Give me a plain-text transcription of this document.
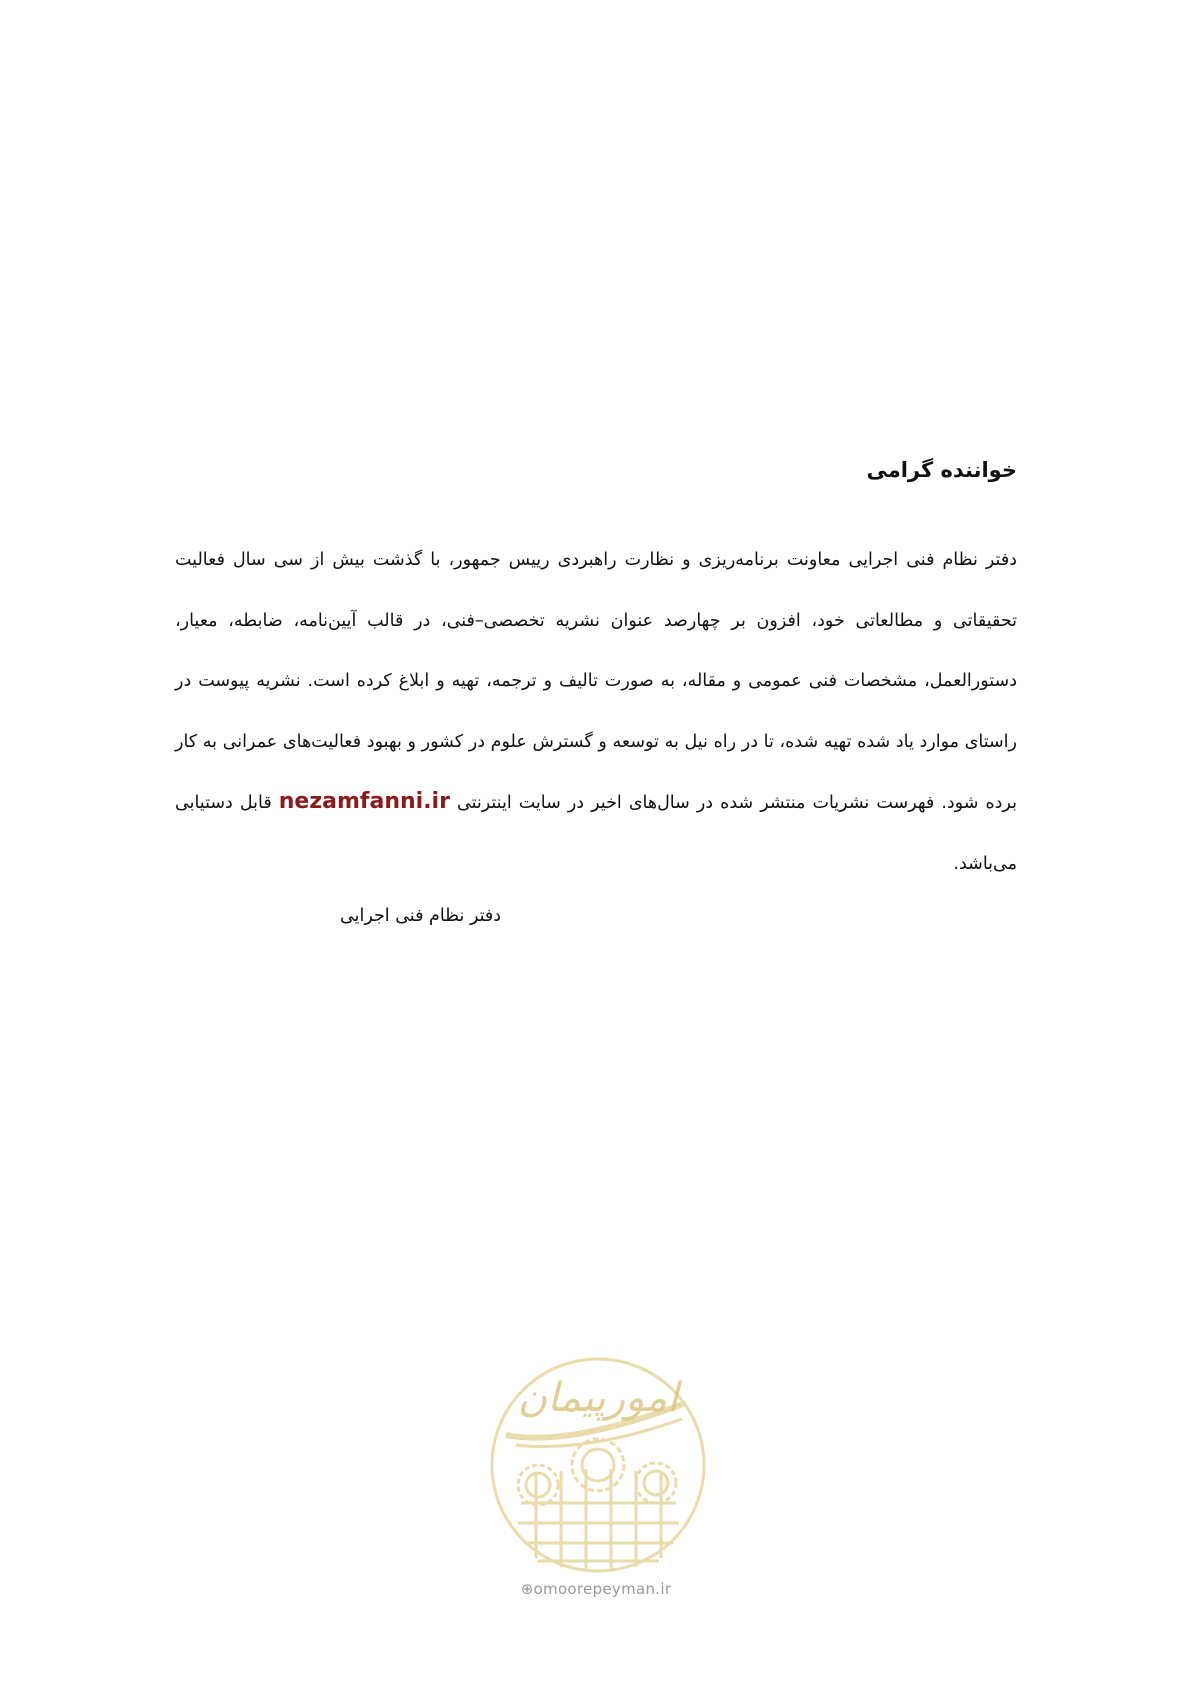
خواننده گرامی
دفتر نظام فنی اجرایی معاونت برنامه‌ریزی و نظارت راهبردی رییس جمهور، با گذشت بیش از سی سال فعالیت تحقیقاتی و مطالعاتی خود، افزون بر چهارصد عنوان نشریه تخصصی–فنی، در قالب آیین‌نامه، ضابطه، معیار، دستورالعمل، مشخصات فنی عمومی و مقاله، به صورت تالیف و ترجمه، تهیه و ابلاغ کرده است. نشریه پیوست در راستای موارد یاد شده تهیه شده، تا در راه نیل به توسعه و گسترش علوم در کشور و بهبود فعالیت‌های عمرانی به کار برده شود. فهرست نشریات منتشر شده در سال‌های اخیر در سایت اینترنتی nezamfanni.ir قابل دستیابی می‌باشد.
دفتر نظام فنی اجرایی
امورپیمان
⊕omoorepeyman.ir
